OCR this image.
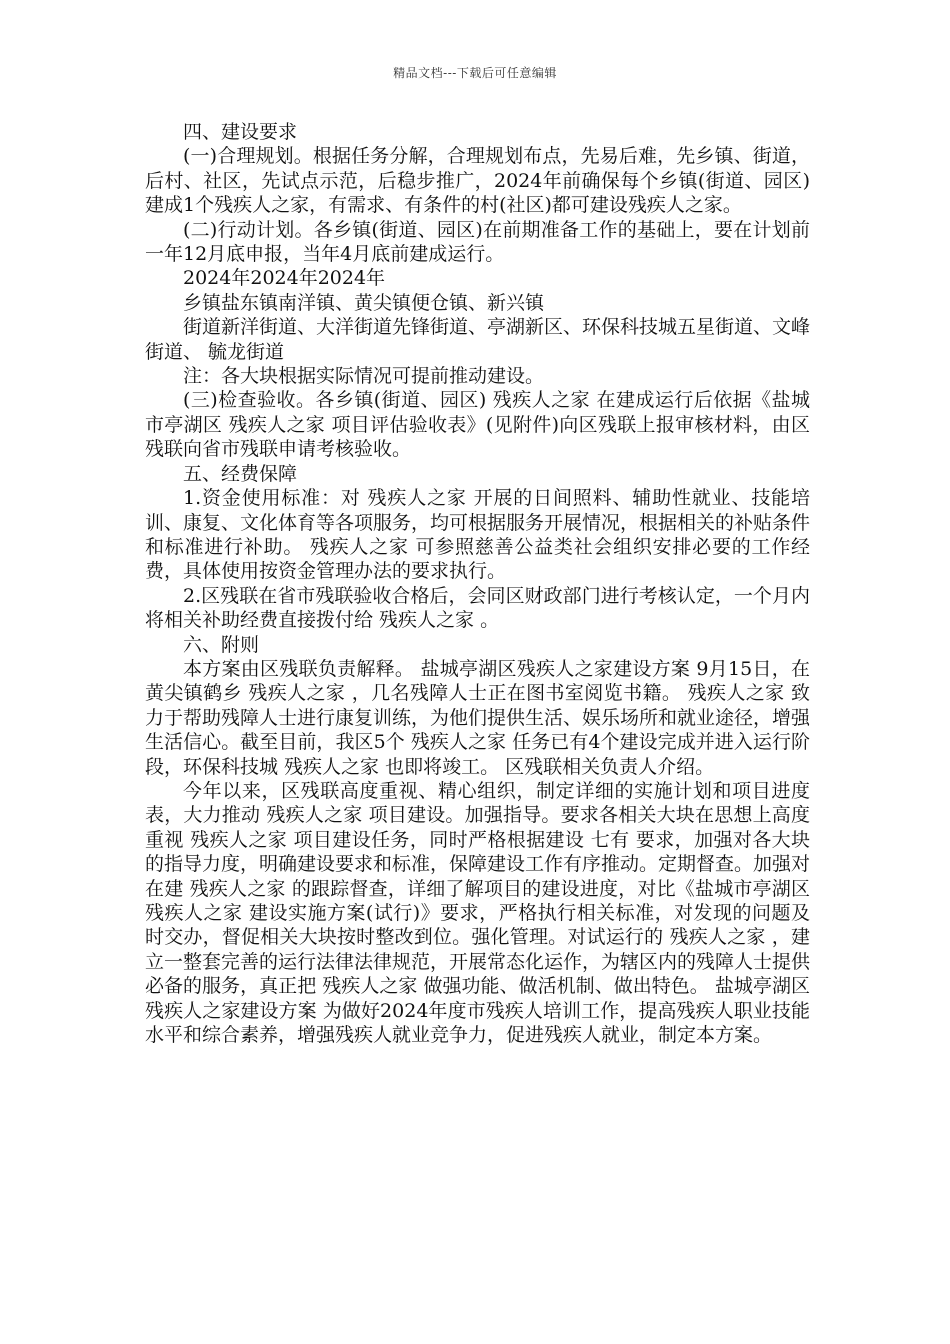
精品文档---下载后可任意编辑

四、建设要求

(一)合理规划。根据任务分解，合理规划布点，先易后难，先乡镇、街道，后村、社区，先试点示范，后稳步推广，2024年前确保每个乡镇(街道、园区)建成1个残疾人之家，有需求、有条件的村(社区)都可建设残疾人之家。

(二)行动计划。各乡镇(街道、园区)在前期准备工作的基础上，要在计划前一年12月底申报，当年4月底前建成运行。

2024年2024年2024年

乡镇盐东镇南洋镇、黄尖镇便仓镇、新兴镇

街道新洋街道、大洋街道先锋街道、亭湖新区、环保科技城五星街道、文峰街道、 毓龙街道

注：各大块根据实际情况可提前推动建设。

(三)检查验收。各乡镇(街道、园区) 残疾人之家 在建成运行后依据《盐城市亭湖区 残疾人之家 项目评估验收表》(见附件)向区残联上报审核材料，由区残联向省市残联申请考核验收。

五、经费保障

1.资金使用标准：对 残疾人之家 开展的日间照料、辅助性就业、技能培训、康复、文化体育等各项服务，均可根据服务开展情况，根据相关的补贴条件和标准进行补助。 残疾人之家 可参照慈善公益类社会组织安排必要的工作经费，具体使用按资金管理办法的要求执行。

2.区残联在省市残联验收合格后，会同区财政部门进行考核认定，一个月内将相关补助经费直接拨付给 残疾人之家 。

六、附则

本方案由区残联负责解释。 盐城亭湖区残疾人之家建设方案 9月15日，在黄尖镇鹤乡 残疾人之家 ，几名残障人士正在图书室阅览书籍。 残疾人之家 致力于帮助残障人士进行康复训练，为他们提供生活、娱乐场所和就业途径，增强生活信心。截至目前，我区5个 残疾人之家 任务已有4个建设完成并进入运行阶段，环保科技城 残疾人之家 也即将竣工。 区残联相关负责人介绍。

今年以来，区残联高度重视、精心组织，制定详细的实施计划和项目进度表，大力推动 残疾人之家 项目建设。加强指导。要求各相关大块在思想上高度重视 残疾人之家 项目建设任务，同时严格根据建设 七有 要求，加强对各大块的指导力度，明确建设要求和标准，保障建设工作有序推动。定期督查。加强对在建 残疾人之家 的跟踪督查，详细了解项目的建设进度，对比《盐城市亭湖区残疾人之家 建设实施方案(试行)》要求，严格执行相关标准，对发现的问题及时交办，督促相关大块按时整改到位。强化管理。对试运行的 残疾人之家 ，建立一整套完善的运行法律法律规范，开展常态化运作，为辖区内的残障人士提供必备的服务，真正把 残疾人之家 做强功能、做活机制、做出特色。 盐城亭湖区残疾人之家建设方案 为做好2024年度市残疾人培训工作，提高残疾人职业技能水平和综合素养，增强残疾人就业竞争力，促进残疾人就业，制定本方案。
